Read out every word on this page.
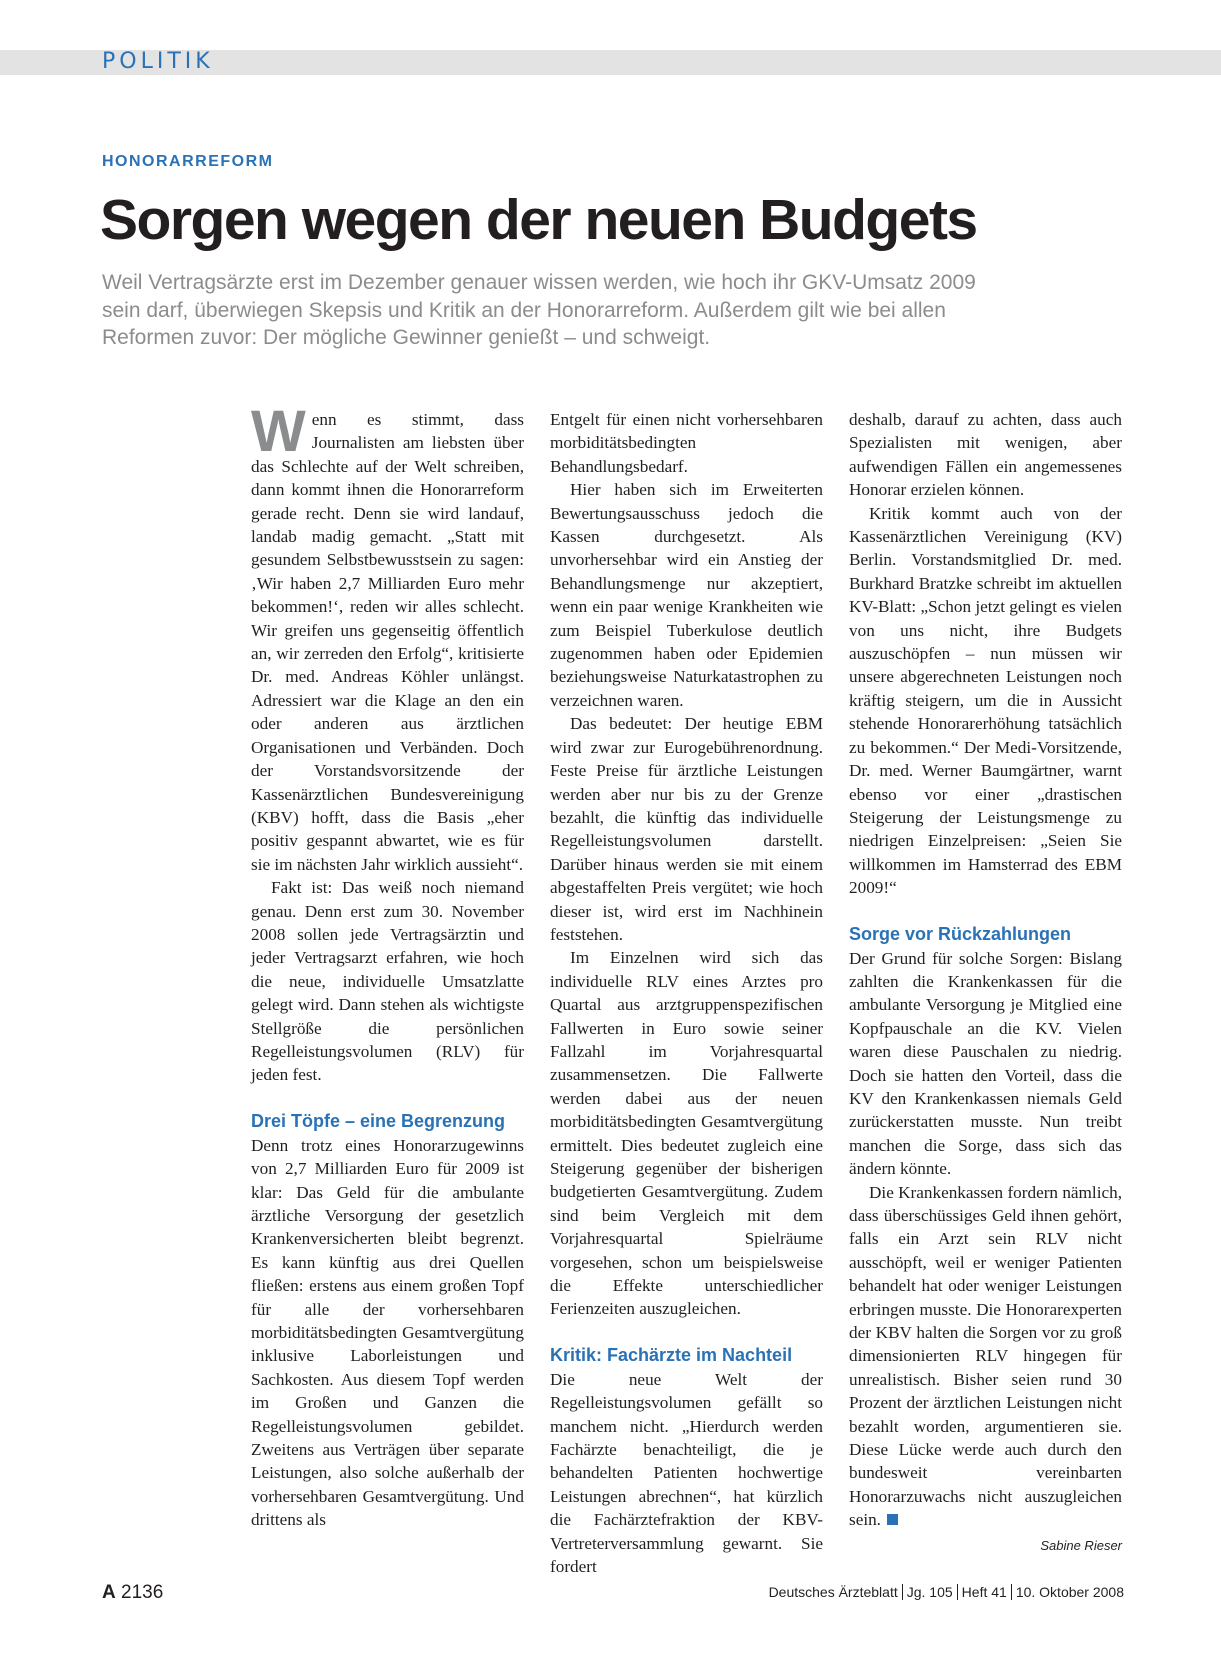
POLITIK
HONORARREFORM
Sorgen wegen der neuen Budgets
Weil Vertragsärzte erst im Dezember genauer wissen werden, wie hoch ihr GKV-Umsatz 2009 sein darf, überwiegen Skepsis und Kritik an der Honorarreform. Außerdem gilt wie bei allen Reformen zuvor: Der mögliche Gewinner genießt – und schweigt.

Wenn es stimmt, dass Journalisten am liebsten über das Schlechte auf der Welt schreiben, dann kommt ihnen die Honorarreform gerade recht. Denn sie wird landauf, landab madig gemacht. „Statt mit gesundem Selbstbewusstsein zu sagen: ‚Wir haben 2,7 Milliarden Euro mehr bekommen!‘, reden wir alles schlecht. Wir greifen uns gegenseitig öffentlich an, wir zerreden den Erfolg“, kritisierte Dr. med. Andreas Köhler unlängst. Adressiert war die Klage an den ein oder anderen aus ärztlichen Organisationen und Verbänden. Doch der Vorstandsvorsitzende der Kassenärztlichen Bundesvereinigung (KBV) hofft, dass die Basis „eher positiv gespannt abwartet, wie es für sie im nächsten Jahr wirklich aussieht“.

Fakt ist: Das weiß noch niemand genau. Denn erst zum 30. November 2008 sollen jede Vertragsärztin und jeder Vertragsarzt erfahren, wie hoch die neue, individuelle Umsatzlatte gelegt wird. Dann stehen als wichtigste Stellgröße die persönlichen Regelleistungsvolumen (RLV) für jeden fest.

Drei Töpfe – eine Begrenzung

Denn trotz eines Honorarzugewinns von 2,7 Milliarden Euro für 2009 ist klar: Das Geld für die ambulante ärztliche Versorgung der gesetzlich Krankenversicherten bleibt begrenzt. Es kann künftig aus drei Quellen fließen: erstens aus einem großen Topf für alle der vorhersehbaren morbiditätsbedingten Gesamtvergütung inklusive Laborleistungen und Sachkosten. Aus diesem Topf werden im Großen und Ganzen die Regelleistungsvolumen gebildet. Zweitens aus Verträgen über separate Leistungen, also solche außerhalb der vorhersehbaren Gesamtvergütung. Und drittens als

Entgelt für einen nicht vorhersehbaren morbiditätsbedingten Behandlungsbedarf.

Hier haben sich im Erweiterten Bewertungsausschuss jedoch die Kassen durchgesetzt. Als unvorhersehbar wird ein Anstieg der Behandlungsmenge nur akzeptiert, wenn ein paar wenige Krankheiten wie zum Beispiel Tuberkulose deutlich zugenommen haben oder Epidemien beziehungsweise Naturkatastrophen zu verzeichnen waren.

Das bedeutet: Der heutige EBM wird zwar zur Eurogebührenordnung. Feste Preise für ärztliche Leistungen werden aber nur bis zu der Grenze bezahlt, die künftig das individuelle Regelleistungsvolumen darstellt. Darüber hinaus werden sie mit einem abgestaffelten Preis vergütet; wie hoch dieser ist, wird erst im Nachhinein feststehen.

Im Einzelnen wird sich das individuelle RLV eines Arztes pro Quartal aus arztgruppenspezifischen Fallwerten in Euro sowie seiner Fallzahl im Vorjahresquartal zusammensetzen. Die Fallwerte werden dabei aus der neuen morbiditätsbedingten Gesamtvergütung ermittelt. Dies bedeutet zugleich eine Steigerung gegenüber der bisherigen budgetierten Gesamtvergütung. Zudem sind beim Vergleich mit dem Vorjahresquartal Spielräume vorgesehen, schon um beispielsweise die Effekte unterschiedlicher Ferienzeiten auszugleichen.

Kritik: Fachärzte im Nachteil

Die neue Welt der Regelleistungsvolumen gefällt so manchem nicht. „Hierdurch werden Fachärzte benachteiligt, die je behandelten Patienten hochwertige Leistungen abrechnen“, hat kürzlich die Fachärztefraktion der KBV-Vertreterversammlung gewarnt. Sie fordert

deshalb, darauf zu achten, dass auch Spezialisten mit wenigen, aber aufwendigen Fällen ein angemessenes Honorar erzielen können.

Kritik kommt auch von der Kassenärztlichen Vereinigung (KV) Berlin. Vorstandsmitglied Dr. med. Burkhard Bratzke schreibt im aktuellen KV-Blatt: „Schon jetzt gelingt es vielen von uns nicht, ihre Budgets auszuschöpfen – nun müssen wir unsere abgerechneten Leistungen noch kräftig steigern, um die in Aussicht stehende Honorarerhöhung tatsächlich zu bekommen.“ Der Medi-Vorsitzende, Dr. med. Werner Baumgärtner, warnt ebenso vor einer „drastischen Steigerung der Leistungsmenge zu niedrigen Einzelpreisen: „Seien Sie willkommen im Hamsterrad des EBM 2009!“

Sorge vor Rückzahlungen

Der Grund für solche Sorgen: Bislang zahlten die Krankenkassen für die ambulante Versorgung je Mitglied eine Kopfpauschale an die KV. Vielen waren diese Pauschalen zu niedrig. Doch sie hatten den Vorteil, dass die KV den Krankenkassen niemals Geld zurückerstatten musste. Nun treibt manchen die Sorge, dass sich das ändern könnte.

Die Krankenkassen fordern nämlich, dass überschüssiges Geld ihnen gehört, falls ein Arzt sein RLV nicht ausschöpft, weil er weniger Patienten behandelt hat oder weniger Leistungen erbringen musste. Die Honorarexperten der KBV halten die Sorgen vor zu groß dimensionierten RLV hingegen für unrealistisch. Bisher seien rund 30 Prozent der ärztlichen Leistungen nicht bezahlt worden, argumentieren sie. Diese Lücke werde auch durch den bundesweit vereinbarten Honorarzuwachs nicht auszugleichen sein.

Sabine Rieser
A 2136	Deutsches Ärzteblatt Jg. 105 Heft 41 10. Oktober 2008
